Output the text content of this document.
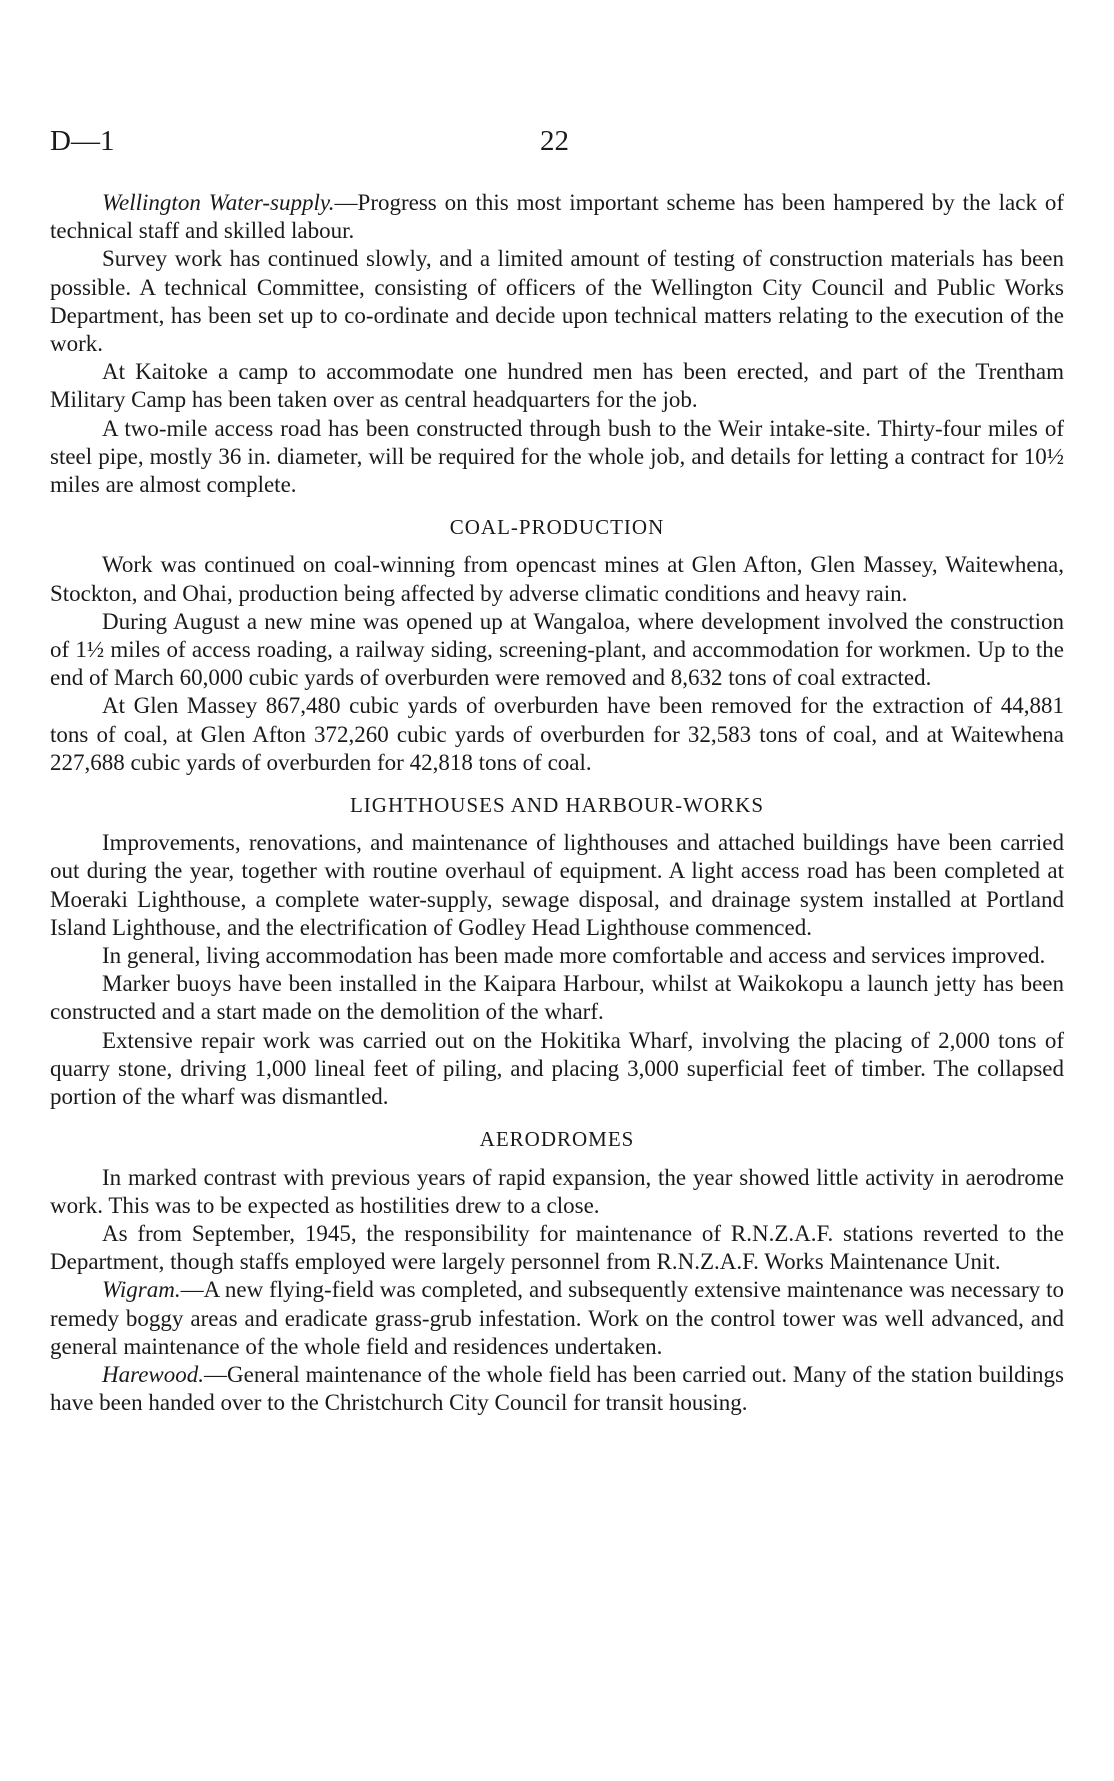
D—1	22

Wellington Water-supply.—Progress on this most important scheme has been hampered by the lack of technical staff and skilled labour.

Survey work has continued slowly, and a limited amount of testing of construction materials has been possible. A technical Committee, consisting of officers of the Wellington City Council and Public Works Department, has been set up to co-ordinate and decide upon technical matters relating to the execution of the work.

At Kaitoke a camp to accommodate one hundred men has been erected, and part of the Trentham Military Camp has been taken over as central headquarters for the job.

A two-mile access road has been constructed through bush to the Weir intake-site. Thirty-four miles of steel pipe, mostly 36 in. diameter, will be required for the whole job, and details for letting a contract for 10½ miles are almost complete.

COAL-PRODUCTION

Work was continued on coal-winning from opencast mines at Glen Afton, Glen Massey, Waitewhena, Stockton, and Ohai, production being affected by adverse climatic conditions and heavy rain.

During August a new mine was opened up at Wangaloa, where development involved the construction of 1½ miles of access roading, a railway siding, screening-plant, and accommodation for workmen. Up to the end of March 60,000 cubic yards of overburden were removed and 8,632 tons of coal extracted.

At Glen Massey 867,480 cubic yards of overburden have been removed for the extraction of 44,881 tons of coal, at Glen Afton 372,260 cubic yards of overburden for 32,583 tons of coal, and at Waitewhena 227,688 cubic yards of overburden for 42,818 tons of coal.

LIGHTHOUSES AND HARBOUR-WORKS

Improvements, renovations, and maintenance of lighthouses and attached buildings have been carried out during the year, together with routine overhaul of equipment. A light access road has been completed at Moeraki Lighthouse, a complete water-supply, sewage disposal, and drainage system installed at Portland Island Lighthouse, and the electrification of Godley Head Lighthouse commenced.

In general, living accommodation has been made more comfortable and access and services improved.

Marker buoys have been installed in the Kaipara Harbour, whilst at Waikokopu a launch jetty has been constructed and a start made on the demolition of the wharf.

Extensive repair work was carried out on the Hokitika Wharf, involving the placing of 2,000 tons of quarry stone, driving 1,000 lineal feet of piling, and placing 3,000 superficial feet of timber. The collapsed portion of the wharf was dismantled.

AERODROMES

In marked contrast with previous years of rapid expansion, the year showed little activity in aerodrome work. This was to be expected as hostilities drew to a close.

As from September, 1945, the responsibility for maintenance of R.N.Z.A.F. stations reverted to the Department, though staffs employed were largely personnel from R.N.Z.A.F. Works Maintenance Unit.

Wigram.—A new flying-field was completed, and subsequently extensive maintenance was necessary to remedy boggy areas and eradicate grass-grub infestation. Work on the control tower was well advanced, and general maintenance of the whole field and residences undertaken.

Harewood.—General maintenance of the whole field has been carried out. Many of the station buildings have been handed over to the Christchurch City Council for transit housing.
